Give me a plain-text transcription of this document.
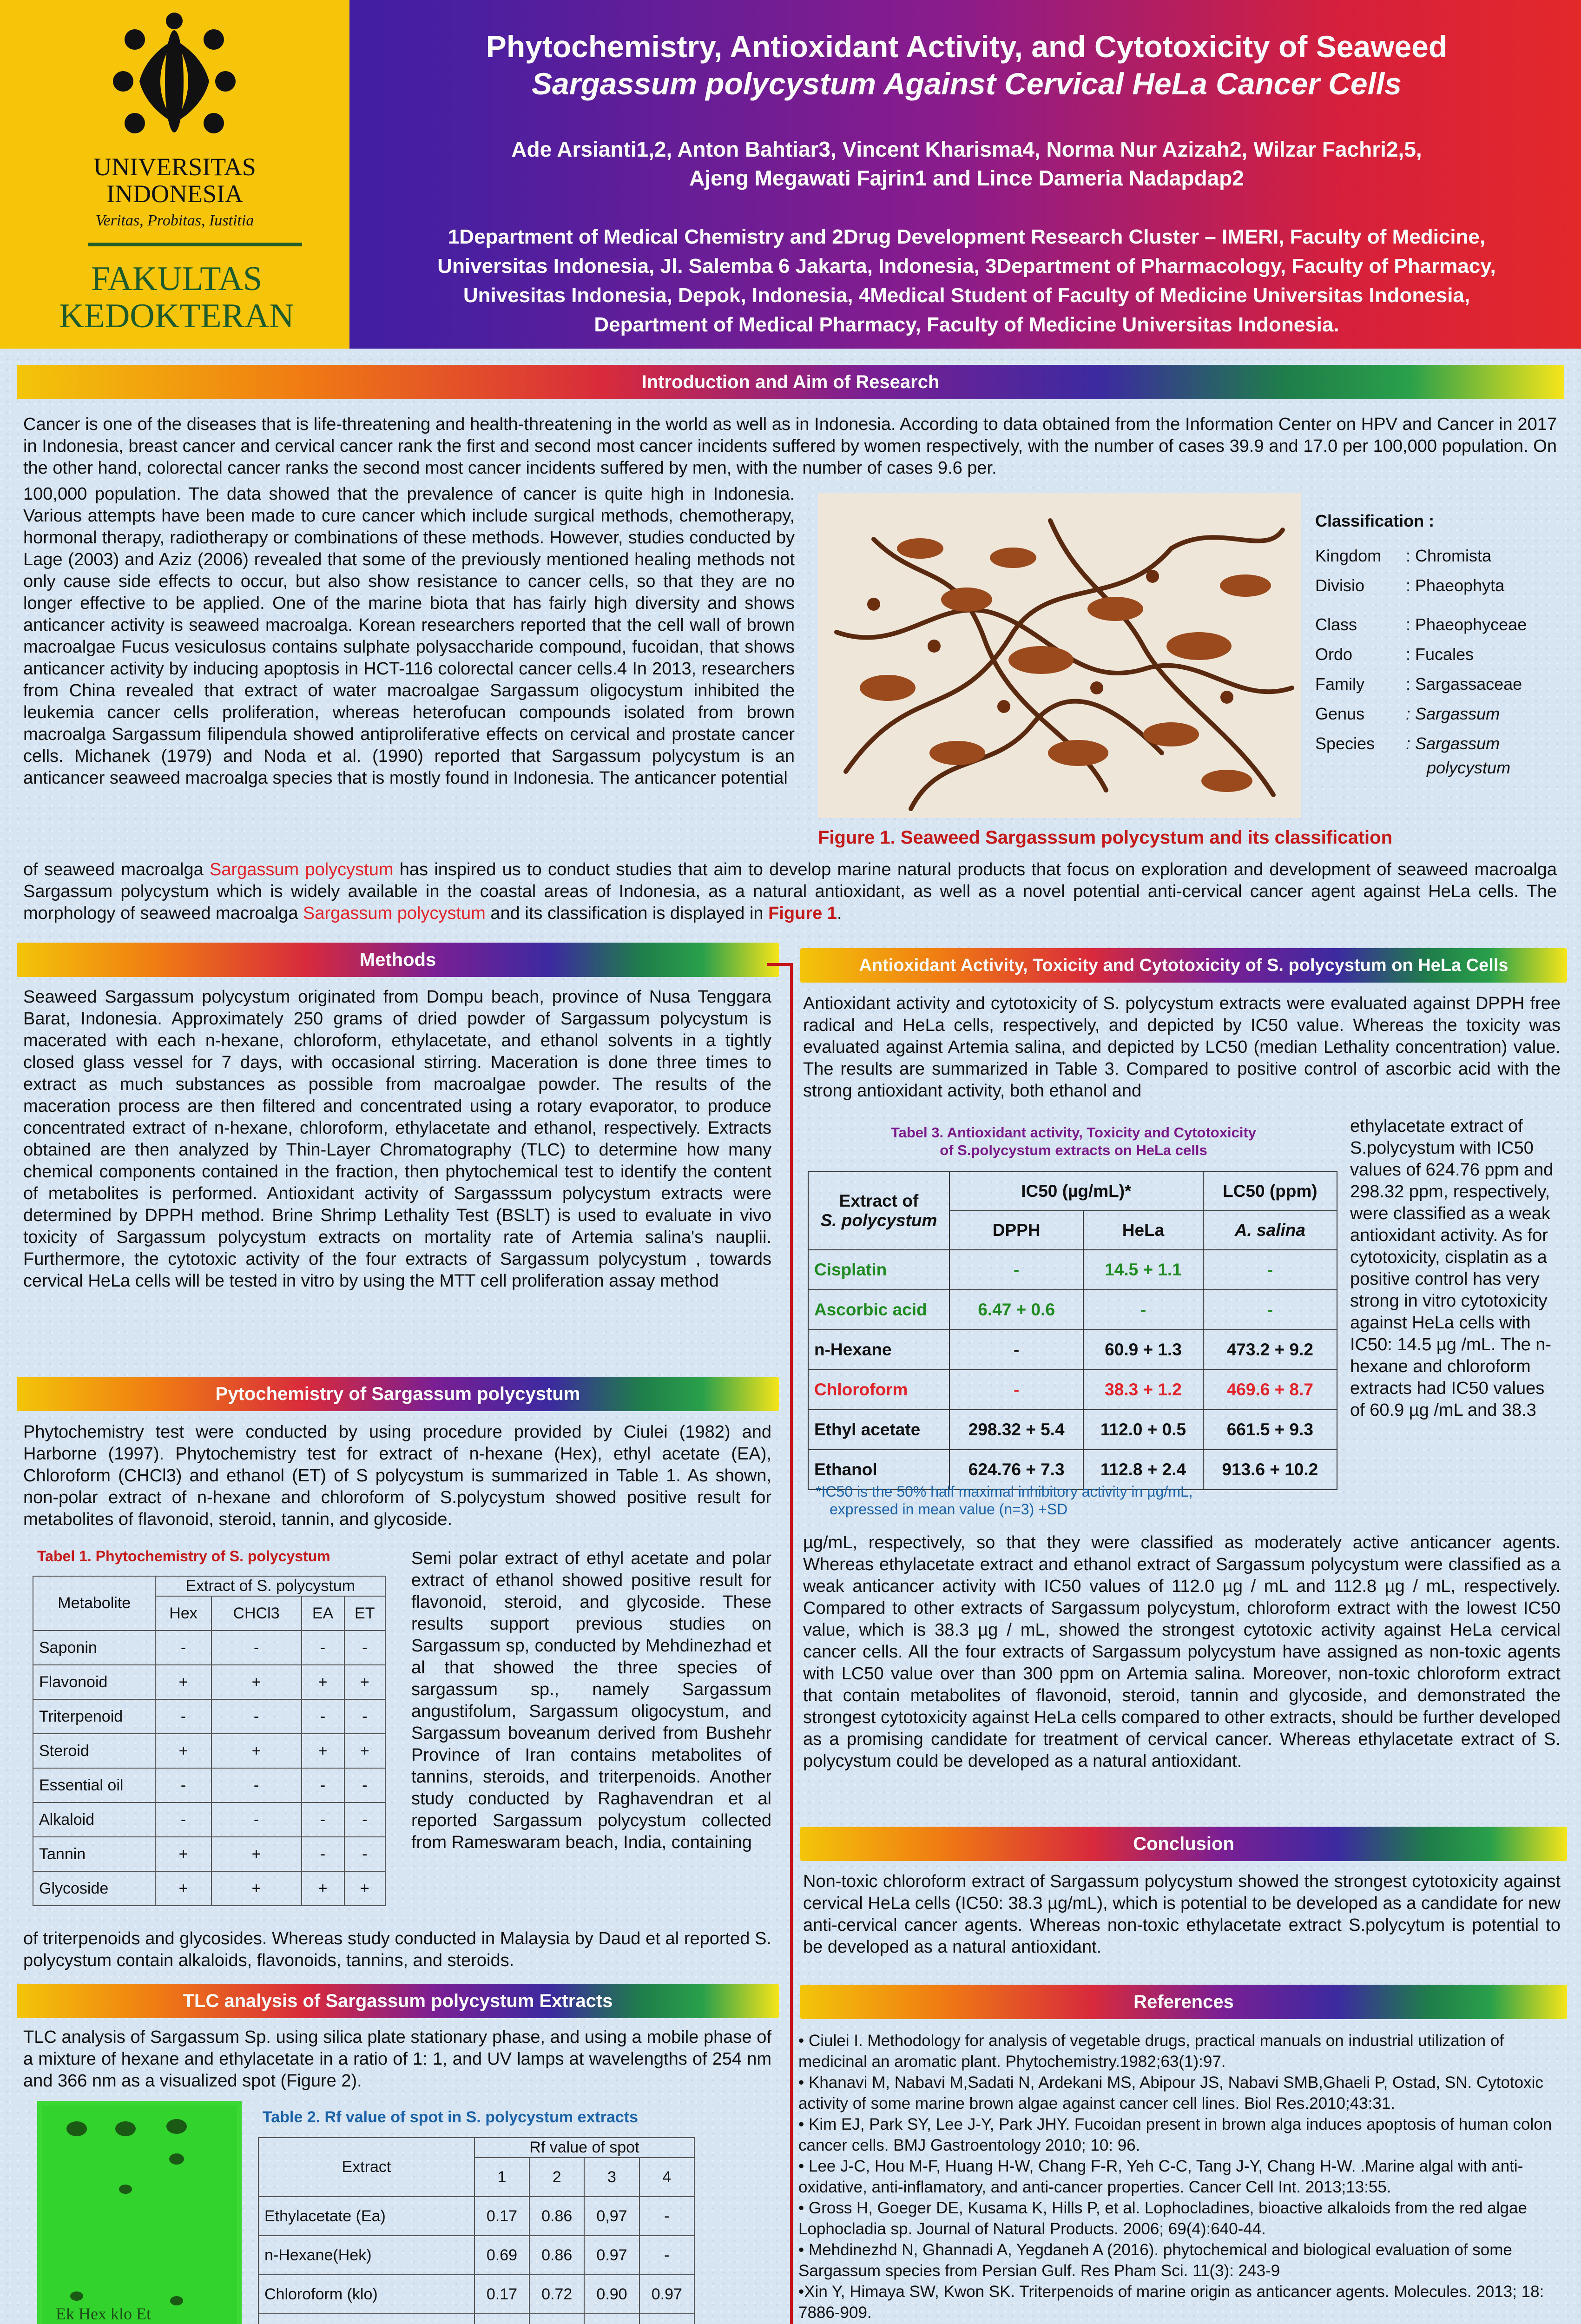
UNIVERSITAS
INDONESIA
Veritas, Probitas, Iustitia
FAKULTAS
KEDOKTERAN
Phytochemistry, Antioxidant Activity, and Cytotoxicity of Seaweed
Sargassum polycystum Against Cervical HeLa Cancer Cells
Ade Arsianti1,2, Anton Bahtiar3, Vincent Kharisma4, Norma Nur Azizah2, Wilzar Fachri2,5,
Ajeng Megawati Fajrin1 and Lince Dameria Nadapdap2
1Department of Medical Chemistry and 2Drug Development Research Cluster – IMERI, Faculty of Medicine,
Universitas Indonesia, Jl. Salemba 6 Jakarta, Indonesia, 3Department of Pharmacology, Faculty of Pharmacy,
Univesitas Indonesia, Depok, Indonesia, 4Medical Student of Faculty of Medicine Universitas Indonesia,
Department of Medical Pharmacy, Faculty of Medicine Universitas Indonesia.
Introduction and Aim of Research
Cancer is one of the diseases that is life-threatening and health-threatening in the world as well as in Indonesia. According to data obtained from the Information Center on HPV and Cancer in 2017 in Indonesia, breast cancer and cervical cancer rank the first and second most cancer incidents suffered by women respectively, with the number of cases 39.9 and 17.0 per 100,000 population. On the other hand, colorectal cancer ranks the second most cancer incidents suffered by men, with the number of cases 9.6 per.
100,000 population. The data showed that the prevalence of cancer is quite high in Indonesia. Various attempts have been made to cure cancer which include surgical methods, chemotherapy, hormonal therapy, radiotherapy or combinations of these methods. However, studies conducted by Lage (2003) and Aziz (2006) revealed that some of the previously mentioned healing methods not only cause side effects to occur, but also show resistance to cancer cells, so that they are no longer effective to be applied. One of the marine biota that has fairly high diversity and shows anticancer activity is seaweed macroalga. Korean researchers reported that the cell wall of brown macroalgae Fucus vesiculosus contains sulphate polysaccharide compound, fucoidan, that shows anticancer activity by inducing apoptosis in HCT-116 colorectal cancer cells.4 In 2013, researchers from China revealed that extract of water macroalgae Sargassum oligocystum inhibited the leukemia cancer cells proliferation, whereas heterofucan compounds isolated from brown macroalga Sargassum filipendula showed antiproliferative effects on cervical and prostate cancer cells. Michanek (1979) and Noda et al. (1990) reported that Sargassum polycystum is an anticancer seaweed macroalga species that is mostly found in Indonesia. The anticancer potential
Classification :
Kingdom : Chromista
Divisio : Phaeophyta
Class	: Phaeophyceae
Ordo	: Fucales
Family : Sargassaceae
Genus : Sargassum
Species : Sargassum
polycystum
Figure 1. Seaweed Sargasssum polycystum and its classification
of seaweed macroalga Sargassum polycystum has inspired us to conduct studies that aim to develop marine natural products that focus on exploration and development of seaweed macroalga Sargassum polycystum which is widely available in the coastal areas of Indonesia, as a natural antioxidant, as well as a novel potential anti-cervical cancer agent against HeLa cells. The morphology of seaweed macroalga Sargassum polycystum and its classification is displayed in Figure 1.
Methods
Seaweed Sargassum polycystum originated from Dompu beach, province of Nusa Tenggara Barat, Indonesia. Approximately 250 grams of dried powder of Sargassum polycystum is macerated with each n-hexane, chloroform, ethylacetate, and ethanol solvents in a tightly closed glass vessel for 7 days, with occasional stirring. Maceration is done three times to extract as much substances as possible from macroalgae powder. The results of the maceration process are then filtered and concentrated using a rotary evaporator, to produce concentrated extract of n-hexane, chloroform, ethylacetate and ethanol, respectively. Extracts obtained are then analyzed by Thin-Layer Chromatography (TLC) to determine how many chemical components contained in the fraction, then phytochemical test to identify the content of metabolites is performed. Antioxidant activity of Sargasssum polycystum extracts were determined by DPPH method. Brine Shrimp Lethality Test (BSLT) is used to evaluate in vivo toxicity of Sargassum polycystum extracts on mortality rate of Artemia salina's nauplii. Furthermore, the cytotoxic activity of the four extracts of Sargassum polycystum , towards cervical HeLa cells will be tested in vitro by using the MTT cell proliferation assay method
Pytochemistry of Sargassum polycystum
Phytochemistry test were conducted by using procedure provided by Ciulei (1982) and Harborne (1997). Phytochemistry test for extract of n-hexane (Hex), ethyl acetate (EA), Chloroform (CHCl3) and ethanol (ET) of S polycystum is summarized in Table 1. As shown, non-polar extract of n-hexane and chloroform of S.polycystum showed positive result for metabolites of flavonoid, steroid, tannin, and glycoside.
Tabel 1. Phytochemistry of S. polycystum
Metabolite	Extract of S. polycystum			
	Hex	CHCl3	EA	ET
Saponin	-	-	-	-
Flavonoid	+	+	+	+
Triterpenoid	-	-	-	-
Steroid	+	+	+	+
Essential oil	-	-	-	-
Alkaloid	-	-	-	-
Tannin	+	+	-	-
Glycoside	+	+	+	+
Semi polar extract of ethyl acetate and polar extract of ethanol showed positive result for flavonoid, steroid, and glycoside. These results support previous studies on Sargassum sp, conducted by Mehdinezhad et al that showed the three species of sargassum sp., namely Sargassum angustifolum, Sargassum oligocystum, and Sargassum boveanum derived from Bushehr Province of Iran contains metabolites of tannins, steroids, and triterpenoids. Another study conducted by Raghavendran et al reported Sargassum polycystum collected from Rameswaram beach, India, containing
of triterpenoids and glycosides. Whereas study conducted in Malaysia by Daud et al reported S. polycystum contain alkaloids, flavonoids, tannins, and steroids.
TLC analysis of Sargassum polycystum Extracts
TLC analysis of Sargassum Sp. using silica plate stationary phase, and using a mobile phase of a mixture of hexane and ethylacetate in a ratio of 1: 1, and UV lamps at wavelengths of 254 nm and 366 nm as a visualized spot (Figure 2).
Ek Hex klo Et
Table 2. Rf value of spot in S. polycystum extracts
Extract	Rf value of spot			
	1	2	3	4
Ethylacetate (Ea)	0.17	0.86	0,97	-
n-Hexane(Hek)	0.69	0.86	0.97	-
Chloroform (klo)	0.17	0.72	0.90	0.97

Antioxidant Activity, Toxicity and Cytotoxicity of S. polycystum on HeLa Cells
Antioxidant activity and cytotoxicity of S. polycystum extracts were evaluated against DPPH free radical and HeLa cells, respectively, and depicted by IC50 value. Whereas the toxicity was evaluated against Artemia salina, and depicted by LC50 (median Lethality concentration) value. The results are summarized in Table 3. Compared to positive control of ascorbic acid with the strong antioxidant activity, both ethanol and
Tabel 3. Antioxidant activity, Toxicity and Cytotoxicity
of S.polycystum extracts on HeLa cells
Extract of
S. polycystum	IC50 (µg/mL)*		LC50 (ppm)
	DPPH	HeLa	A. salina
Cisplatin	-	14.5 + 1.1	-
Ascorbic acid	6.47 + 0.6	-	-
n-Hexane	-	60.9 + 1.3	473.2 + 9.2
Chloroform	-	38.3 + 1.2	469.6 + 8.7
Ethyl acetate	298.32 + 5.4	112.0 + 0.5	661.5 + 9.3
Ethanol	624.76 + 7.3	112.8 + 2.4	913.6 + 10.2
*IC50 is the 50% half maximal inhibitory activity in µg/mL,
expressed in mean value (n=3) +SD
ethylacetate extract of S.polycystum with IC50 values of 624.76 ppm and 298.32 ppm, respectively, were classified as a weak antioxidant activity. As for cytotoxicity, cisplatin as a positive control has very strong in vitro cytotoxicity against HeLa cells with IC50: 14.5 µg /mL. The n-hexane and chloroform extracts had IC50 values of 60.9 µg /mL and 38.3
µg/mL, respectively, so that they were classified as moderately active anticancer agents. Whereas ethylacetate extract and ethanol extract of Sargassum polycystum were classified as a weak anticancer activity with IC50 values of 112.0 µg / mL and 112.8 µg / mL, respectively. Compared to other extracts of Sargassum polycystum, chloroform extract with the lowest IC50 value, which is 38.3 µg / mL, showed the strongest cytotoxic activity against HeLa cervical cancer cells. All the four extracts of Sargassum polycystum have assigned as non-toxic agents with LC50 value over than 300 ppm on Artemia salina. Moreover, non-toxic chloroform extract that contain metabolites of flavonoid, steroid, tannin and glycoside, and demonstrated the strongest cytotoxicity against HeLa cells compared to other extracts, should be further developed as a promising candidate for treatment of cervical cancer. Whereas ethylacetate extract of S. polycystum could be developed as a natural antioxidant.
Conclusion
Non-toxic chloroform extract of Sargassum polycystum showed the strongest cytotoxicity against cervical HeLa cells (IC50: 38.3 µg/mL), which is potential to be developed as a candidate for new anti-cervical cancer agents. Whereas non-toxic ethylacetate extract S.polycytum is potential to be developed as a natural antioxidant.
References
• Ciulei I. Methodology for analysis of vegetable drugs, practical manuals on industrial utilization of medicinal an aromatic plant. Phytochemistry.1982;63(1):97.
• Khanavi M, Nabavi M,Sadati N, Ardekani MS, Abipour JS, Nabavi SMB,Ghaeli P, Ostad, SN. Cytotoxic activity of some marine brown algae against cancer cell lines. Biol Res.2010;43:31.
• Kim EJ, Park SY, Lee J-Y, Park JHY. Fucoidan present in brown alga induces apoptosis of human colon cancer cells. BMJ Gastroentology 2010; 10: 96.
• Lee J-C, Hou M-F, Huang H-W, Chang F-R, Yeh C-C, Tang J-Y, Chang H-W. .Marine algal with anti-oxidative, anti-inflamatory, and anti-cancer properties. Cancer Cell Int. 2013;13:55.
• Gross H, Goeger DE, Kusama K, Hills P, et al. Lophocladines, bioactive alkaloids from the red algae Lophocladia sp. Journal of Natural Products. 2006; 69(4):640-44.
• Mehdinezhd N, Ghannadi A, Yegdaneh A (2016). phytochemical and biological evaluation of some Sargassum species from Persian Gulf. Res Pham Sci. 11(3): 243-9
•Xin Y, Himaya SW, Kwon SK. Triterpenoids of marine origin as anticancer agents. Molecules. 2013; 18: 7886-909.
